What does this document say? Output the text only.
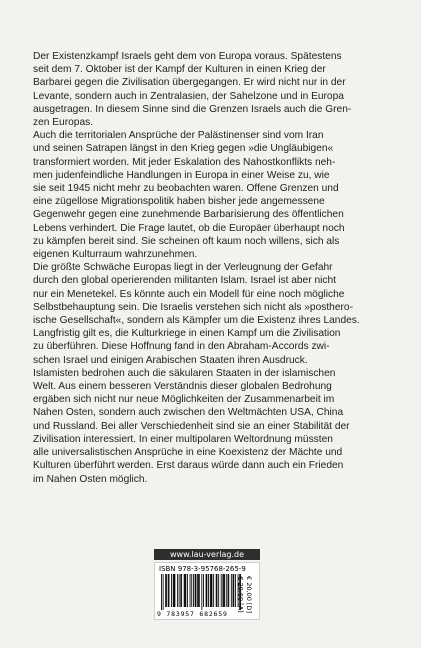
Der Existenzkampf Israels geht dem von Europa voraus. Spätestens

seit dem 7. Oktober ist der Kampf der Kulturen in einen Krieg der

Barbarei gegen die Zivilisation übergegangen. Er wird nicht nur in der

Levante, sondern auch in Zentralasien, der Sahelzone und in Europa

ausgetragen. In diesem Sinne sind die Grenzen Israels auch die Gren-

zen Europas.

Auch die territorialen Ansprüche der Palästinenser sind vom Iran

und seinen Satrapen längst in den Krieg gegen »die Ungläubigen«

transformiert worden. Mit jeder Eskalation des Nahostkonflikts neh-

men judenfeindliche Handlungen in Europa in einer Weise zu, wie

sie seit 1945 nicht mehr zu beobachten waren. Offene Grenzen und

eine zügellose Migrationspolitik haben bisher jede angemessene

Gegenwehr gegen eine zunehmende Barbarisierung des öffentlichen

Lebens verhindert. Die Frage lautet, ob die Europäer überhaupt noch

zu kämpfen bereit sind. Sie scheinen oft kaum noch willens, sich als

eigenen Kulturraum wahrzunehmen.

Die größte Schwäche Europas liegt in der Verleugnung der Gefahr

durch den global operierenden militanten Islam. Israel ist aber nicht

nur ein Menetekel. Es könnte auch ein Modell für eine noch mögliche

Selbstbehauptung sein. Die Israelis verstehen sich nicht als »posthero-

ische Gesellschaft«, sondern als Kämpfer um die Existenz ihres Landes.

Langfristig gilt es, die Kulturkriege in einen Kampf um die Zivilisation

zu überführen. Diese Hoffnung fand in den Abraham-Accords zwi-

schen Israel und einigen Arabischen Staaten ihren Ausdruck.

Islamisten bedrohen auch die säkularen Staaten in der islamischen

Welt. Aus einem besseren Verständnis dieser globalen Bedrohung

ergäben sich nicht nur neue Möglichkeiten der Zusammenarbeit im

Nahen Osten, sondern auch zwischen den Weltmächten USA, China

und Russland. Bei aller Verschiedenheit sind sie an einer Stabilität der

Zivilisation interessiert. In einer multipolaren Weltordnung müssten

alle universalistischen Ansprüche in eine Koexistenz der Mächte und

Kulturen überführt werden. Erst daraus würde dann auch ein Frieden

im Nahen Osten möglich.

www.lau-verlag.de
ISBN 978-3-95768-265-9
9 783957 682659
€ 20,00 [D]
€ 20,60 [A]
